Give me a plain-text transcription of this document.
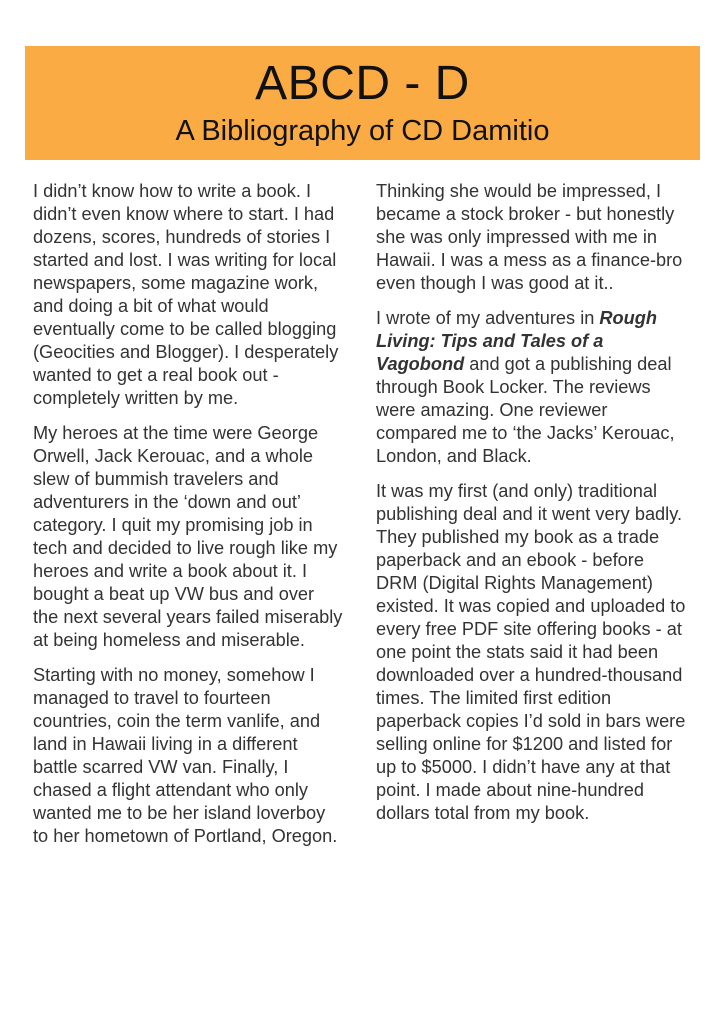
ABCD - D
A Bibliography of CD Damitio

I didn’t know how to write a book. I didn’t even know where to start. I had dozens, scores, hundreds of stories I started and lost. I was writing for local newspapers, some magazine work, and doing a bit of what would eventually come to be called blogging (Geocities and Blogger). I desperately wanted to get a real book out - completely written by me.

My heroes at the time were George Orwell, Jack Kerouac, and a whole slew of bummish travelers and adventurers in the ‘down and out’ category. I quit my promising job in tech and decided to live rough like my heroes and write a book about it. I bought a beat up VW bus and over the next several years failed miserably at being homeless and miserable.

Starting with no money, somehow I managed to travel to fourteen countries, coin the term vanlife, and land in Hawaii living in a different battle scarred VW van. Finally, I chased a flight attendant who only wanted me to be her island loverboy to her hometown of Portland, Oregon.

Thinking she would be impressed, I became a stock broker - but honestly she was only impressed with me in Hawaii. I was a mess as a finance-bro even though I was good at it..

I wrote of my adventures in Rough Living: Tips and Tales of a Vagobond and got a publishing deal through Book Locker. The reviews were amazing. One reviewer compared me to ‘the Jacks’ Kerouac, London, and Black.

It was my first (and only) traditional publishing deal and it went very badly. They published my book as a trade paperback and an ebook - before DRM (Digital Rights Management) existed. It was copied and uploaded to every free PDF site offering books - at one point the stats said it had been downloaded over a hundred-thousand times. The limited first edition paperback copies I’d sold in bars were selling online for $1200 and listed for up to $5000. I didn’t have any at that point. I made about nine-hundred dollars total from my book.
